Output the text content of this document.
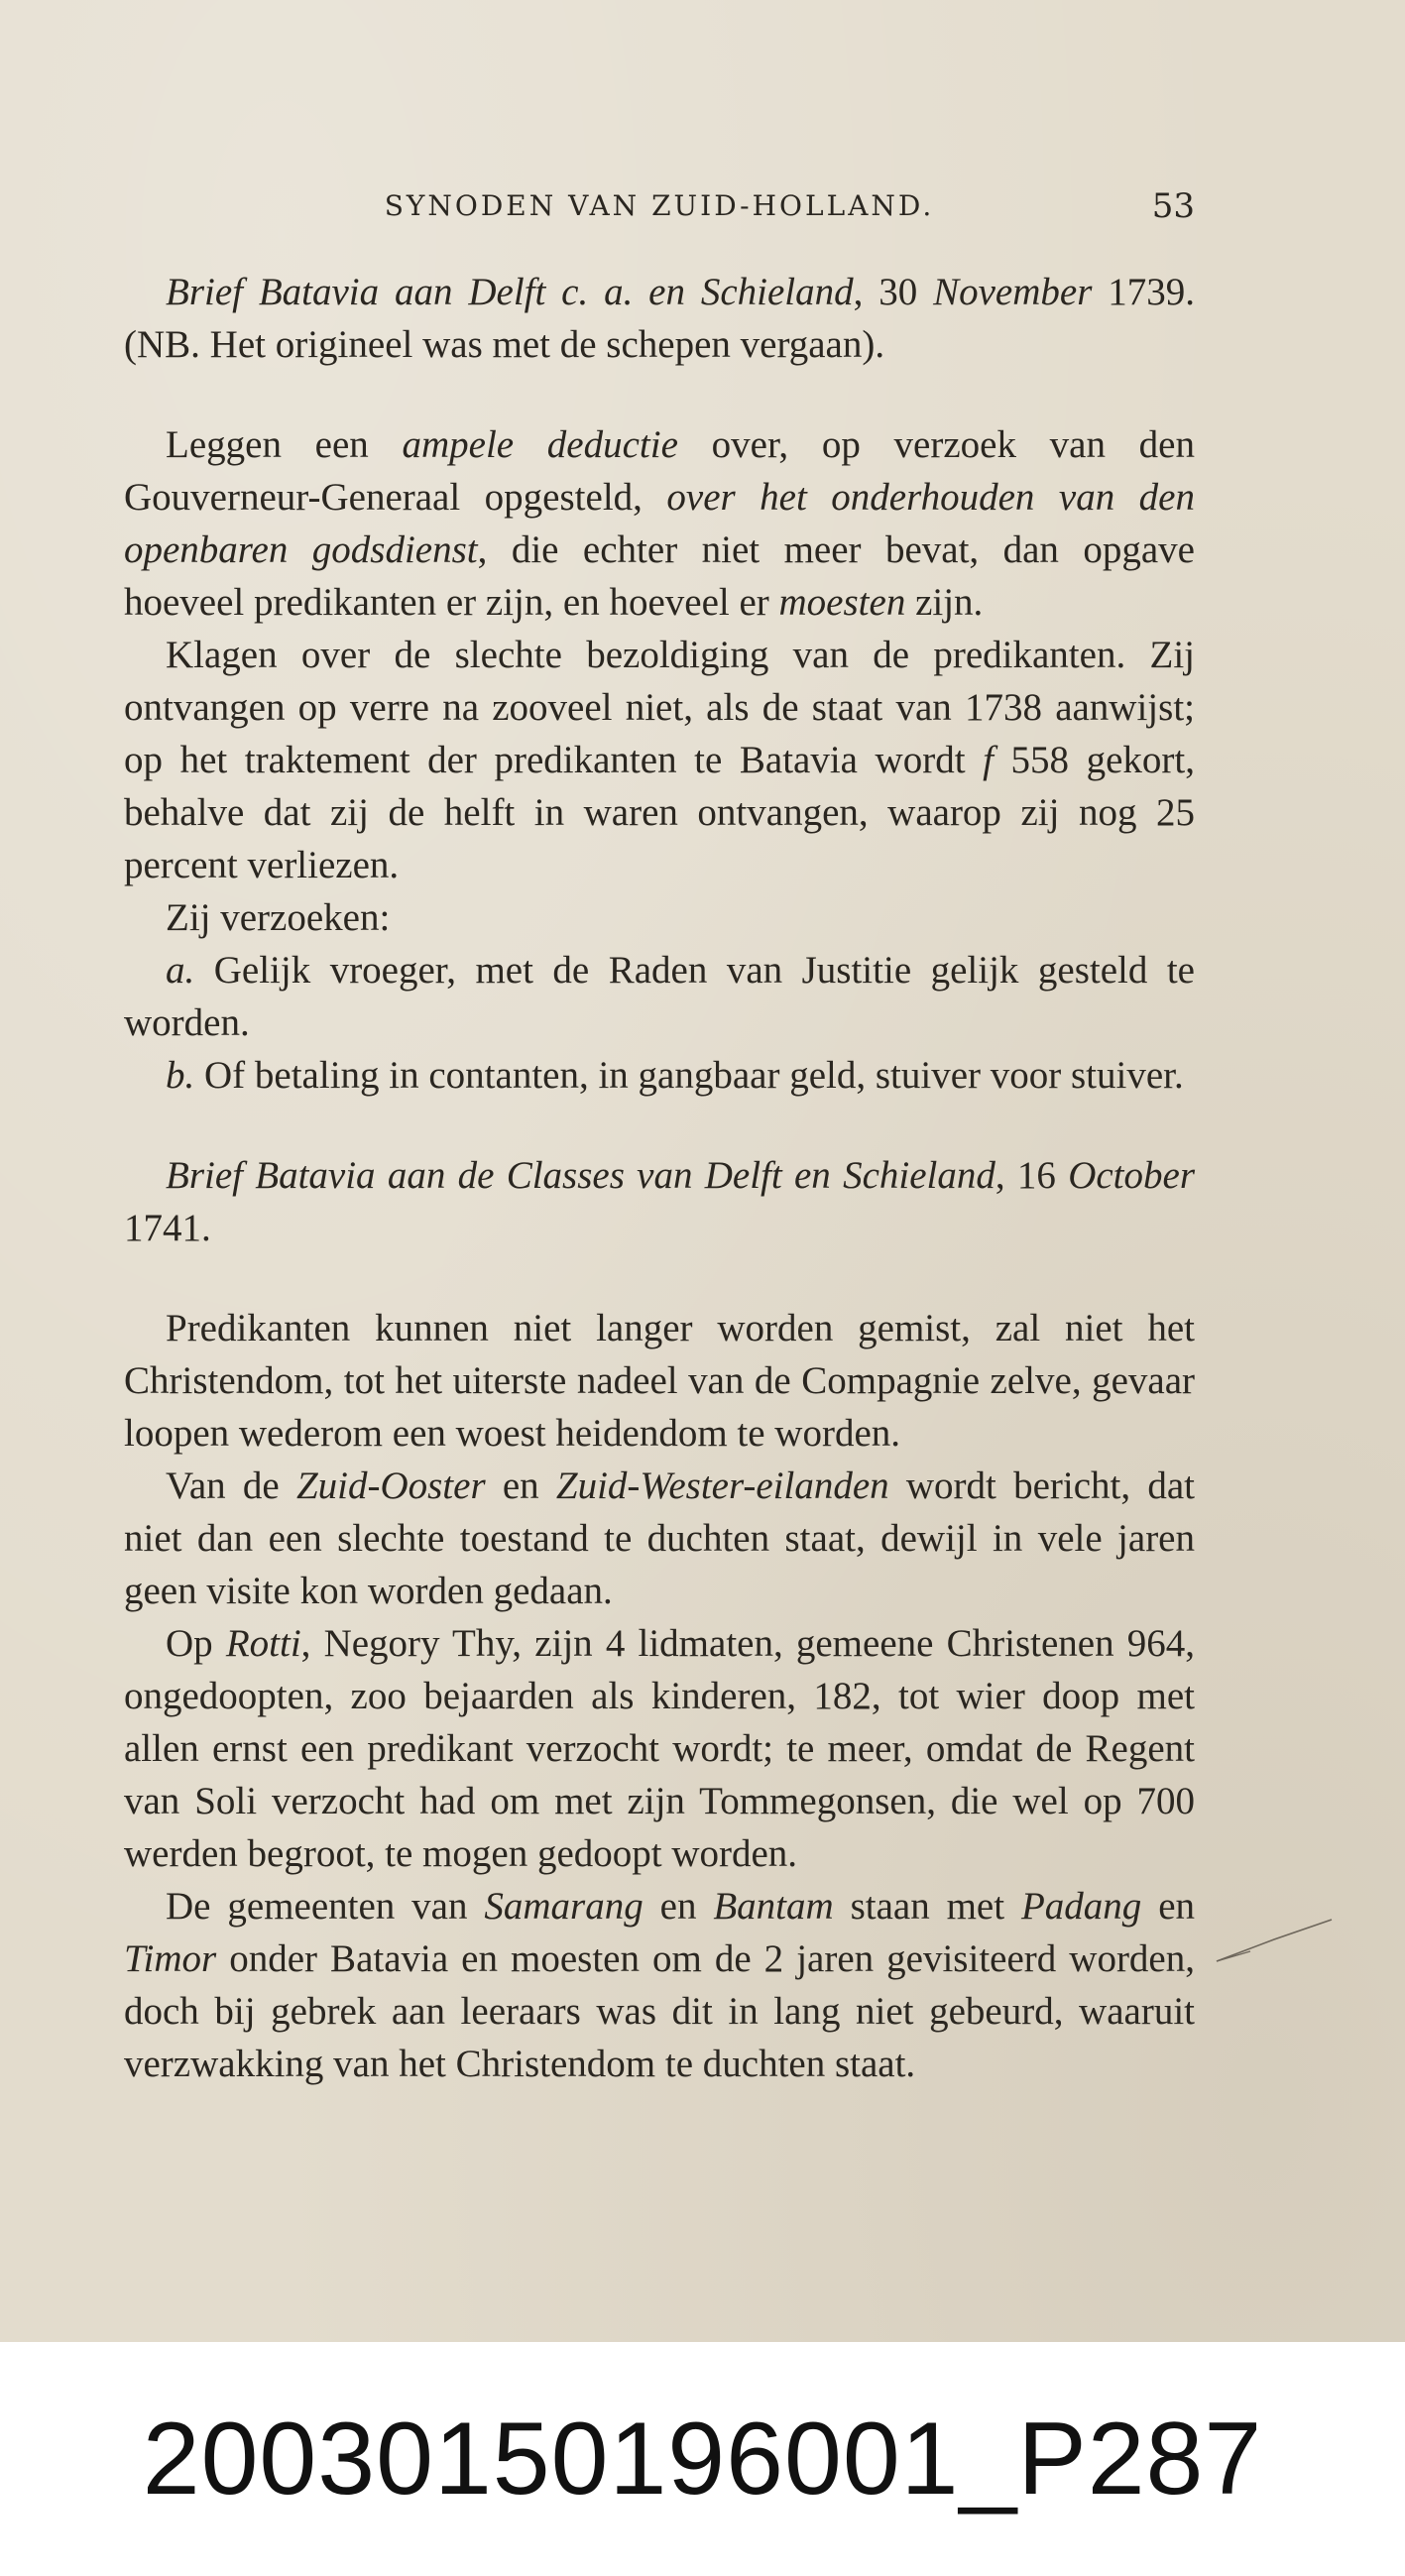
SYNODEN VAN ZUID-HOLLAND.	53

Brief Batavia aan Delft c. a. en Schieland, 30 November 1739. (NB. Het origineel was met de schepen vergaan).

Leggen een ampele deductie over, op verzoek van den Gouverneur-Generaal opgesteld, over het onderhouden van den openbaren godsdienst, die echter niet meer bevat, dan opgave hoeveel predikanten er zijn, en hoeveel er moesten zijn.

Klagen over de slechte bezoldiging van de predikanten. Zij ontvangen op verre na zooveel niet, als de staat van 1738 aanwijst; op het traktement der predikanten te Batavia wordt f 558 gekort, behalve dat zij de helft in waren ontvangen, waarop zij nog 25 percent verliezen.

Zij verzoeken:

a. Gelijk vroeger, met de Raden van Justitie gelijk gesteld te worden.

b. Of betaling in contanten, in gangbaar geld, stuiver voor stuiver.

Brief Batavia aan de Classes van Delft en Schieland, 16 October 1741.

Predikanten kunnen niet langer worden gemist, zal niet het Christendom, tot het uiterste nadeel van de Compagnie zelve, gevaar loopen wederom een woest heidendom te worden.

Van de Zuid-Ooster en Zuid-Wester-eilanden wordt bericht, dat niet dan een slechte toestand te duchten staat, dewijl in vele jaren geen visite kon worden gedaan.

Op Rotti, Negory Thy, zijn 4 lidmaten, gemeene Christenen 964, ongedoopten, zoo bejaarden als kinderen, 182, tot wier doop met allen ernst een predikant verzocht wordt; te meer, omdat de Regent van Soli verzocht had om met zijn Tommegonsen, die wel op 700 werden begroot, te mogen gedoopt worden.

De gemeenten van Samarang en Bantam staan met Padang en Timor onder Batavia en moesten om de 2 jaren gevisiteerd worden, doch bij gebrek aan leeraars was dit in lang niet gebeurd, waaruit verzwakking van het Christendom te duchten staat.

20030150196001_P287
